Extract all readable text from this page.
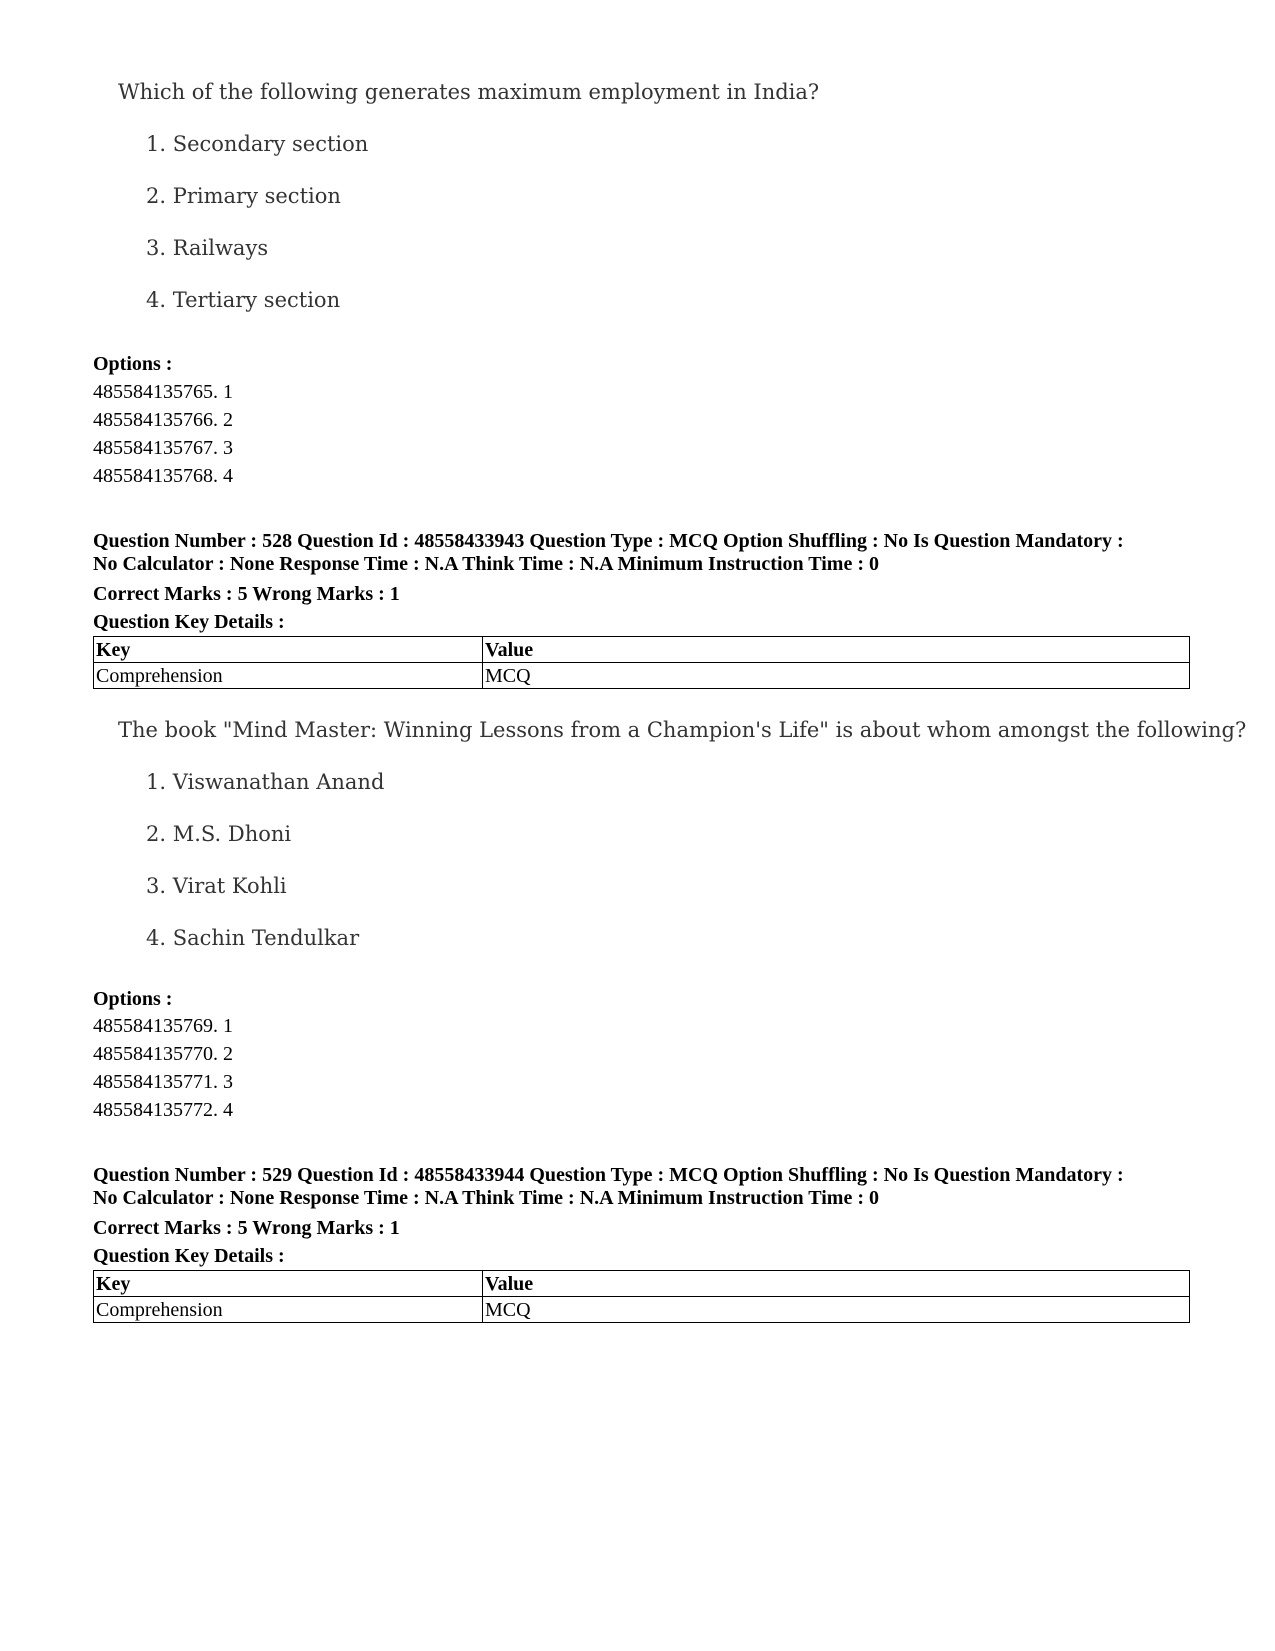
Which of the following generates maximum employment in India?
1. Secondary section
2. Primary section
3. Railways
4. Tertiary section
Options :
485584135765. 1
485584135766. 2
485584135767. 3
485584135768. 4
Question Number : 528 Question Id : 48558433943 Question Type : MCQ Option Shuffling : No Is Question Mandatory :
No Calculator : None Response Time : N.A Think Time : N.A Minimum Instruction Time : 0
Correct Marks : 5 Wrong Marks : 1
Question Key Details :
Key	Value
Comprehension	MCQ
The book "Mind Master: Winning Lessons from a Champion's Life" is about whom amongst the following?
1. Viswanathan Anand
2. M.S. Dhoni
3. Virat Kohli
4. Sachin Tendulkar
Options :
485584135769. 1
485584135770. 2
485584135771. 3
485584135772. 4
Question Number : 529 Question Id : 48558433944 Question Type : MCQ Option Shuffling : No Is Question Mandatory :
No Calculator : None Response Time : N.A Think Time : N.A Minimum Instruction Time : 0
Correct Marks : 5 Wrong Marks : 1
Question Key Details :
Key	Value
Comprehension	MCQ
